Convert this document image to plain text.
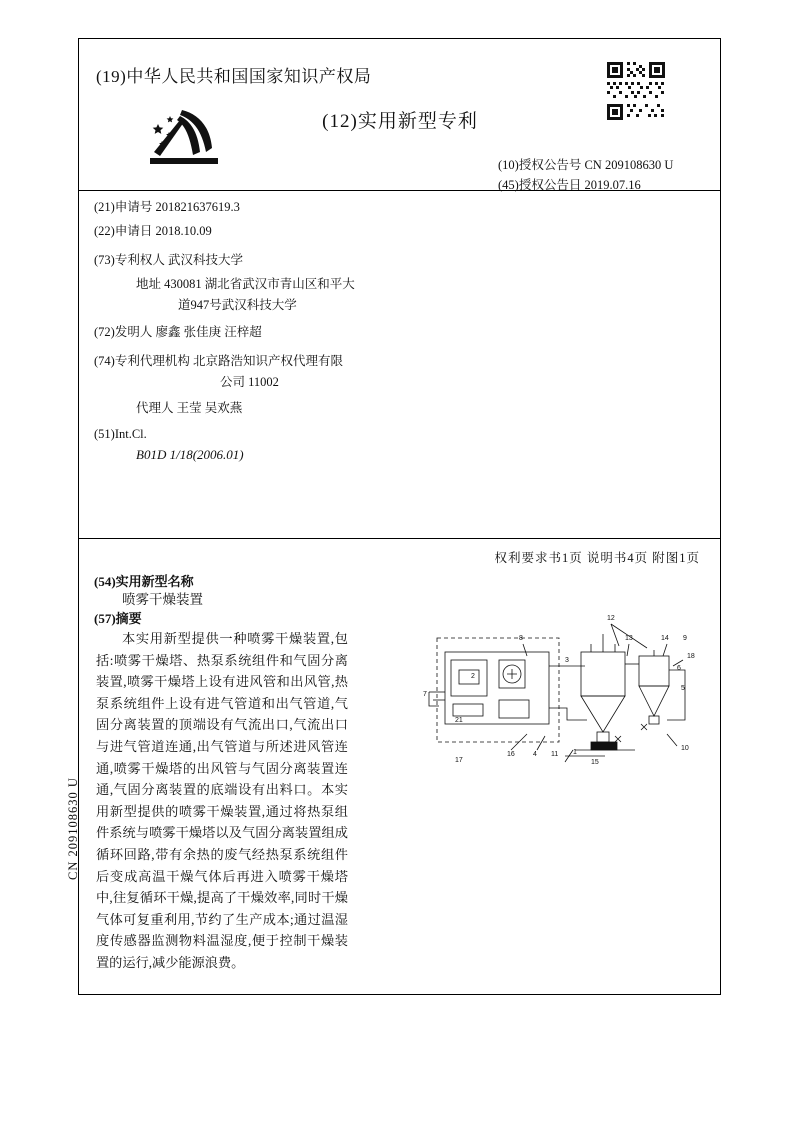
(19)中华人民共和国国家知识产权局
(12)实用新型专利
(10)授权公告号 CN 209108630 U
(45)授权公告日 2019.07.16
(21)申请号 201821637619.3
(22)申请日 2018.10.09
(73)专利权人 武汉科技大学
地址 430081 湖北省武汉市青山区和平大
道947号武汉科技大学
(72)发明人 廖鑫 张佳庚 汪梓超
(74)专利代理机构 北京路浩知识产权代理有限
公司 11002
代理人 王莹 吴欢燕
(51)Int.Cl.
B01D 1/18(2006.01)
权利要求书1页 说明书4页 附图1页
(54)实用新型名称
喷雾干燥装置
(57)摘要
本实用新型提供一种喷雾干燥装置,包括:喷雾干燥塔、热泵系统组件和气固分离装置,喷雾干燥塔上设有进风管和出风管,热泵系统组件上设有进气管道和出气管道,气固分离装置的顶端设有气流出口,气流出口与进气管道连通,出气管道与所述进风管连通,喷雾干燥塔的出风管与气固分离装置连通,气固分离装置的底端设有出料口。本实用新型提供的喷雾干燥装置,通过将热泵组件系统与喷雾干燥塔以及气固分离装置组成循环回路,带有余热的废气经热泵系统组件后变成高温干燥气体后再进入喷雾干燥塔中,往复循环干燥,提高了干燥效率,同时干燥气体可复重利用,节约了生产成本;通过温湿度传感器监测物料温湿度,便于控制干燥装置的运行,减少能源浪费。
CN 209108630 U
12
8	13	14 9
18
7
3
6
5
2
21
16	4 11 1
15
17
10
